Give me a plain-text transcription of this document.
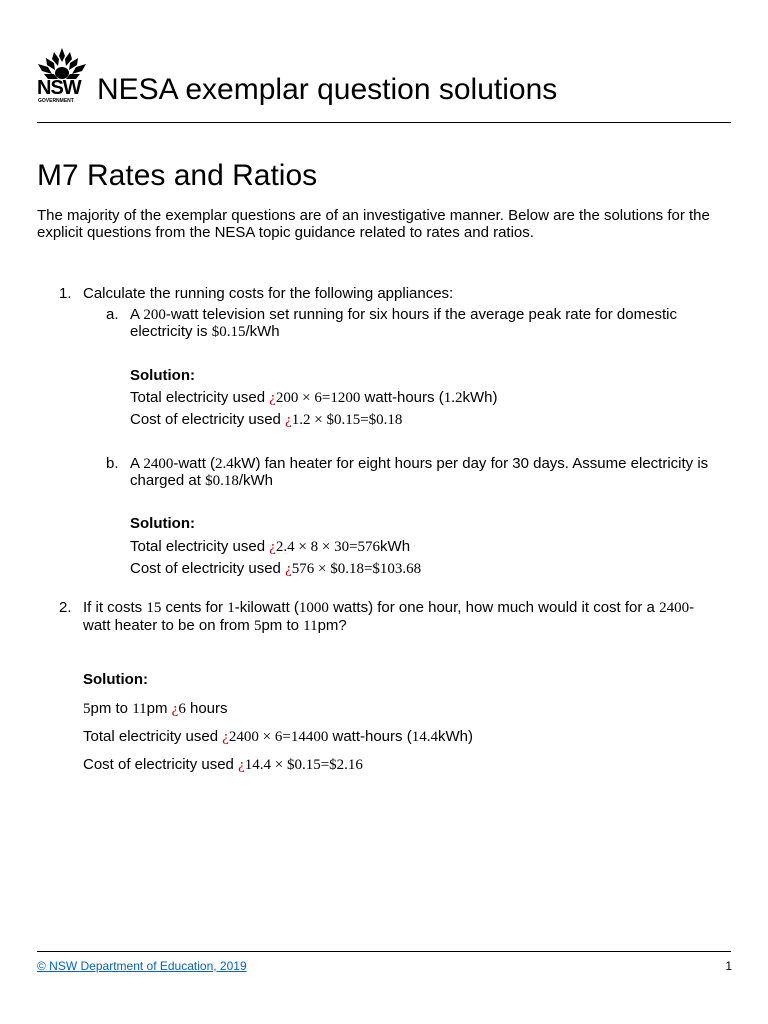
NSW
GOVERNMENT NESA exemplar question solutions
M7 Rates and Ratios
The majority of the exemplar questions are of an investigative manner. Below are the solutions for the explicit questions from the NESA topic guidance related to rates and ratios.
1. Calculate the running costs for the following appliances:
a. A 200-watt television set running for six hours if the average peak rate for domestic
electricity is $0.15/kWh
Solution:
Total electricity used ¿200 × 6=1200 watt-hours (1.2kWh)
Cost of electricity used ¿1.2 × $0.15=$0.18
b. A 2400-watt (2.4kW) fan heater for eight hours per day for 30 days. Assume electricity is
charged at $0.18/kWh
Solution:
Total electricity used ¿2.4 × 8 × 30=576kWh
Cost of electricity used ¿576 × $0.18=$103.68
2. If it costs 15 cents for 1-kilowatt (1000 watts) for one hour, how much would it cost for a 2400-
watt heater to be on from 5pm to 11pm?
Solution:
5pm to 11pm ¿6 hours
Total electricity used ¿2400 × 6=14400 watt-hours (14.4kWh)
Cost of electricity used ¿14.4 × $0.15=$2.16
© NSW Department of Education, 2019	1
